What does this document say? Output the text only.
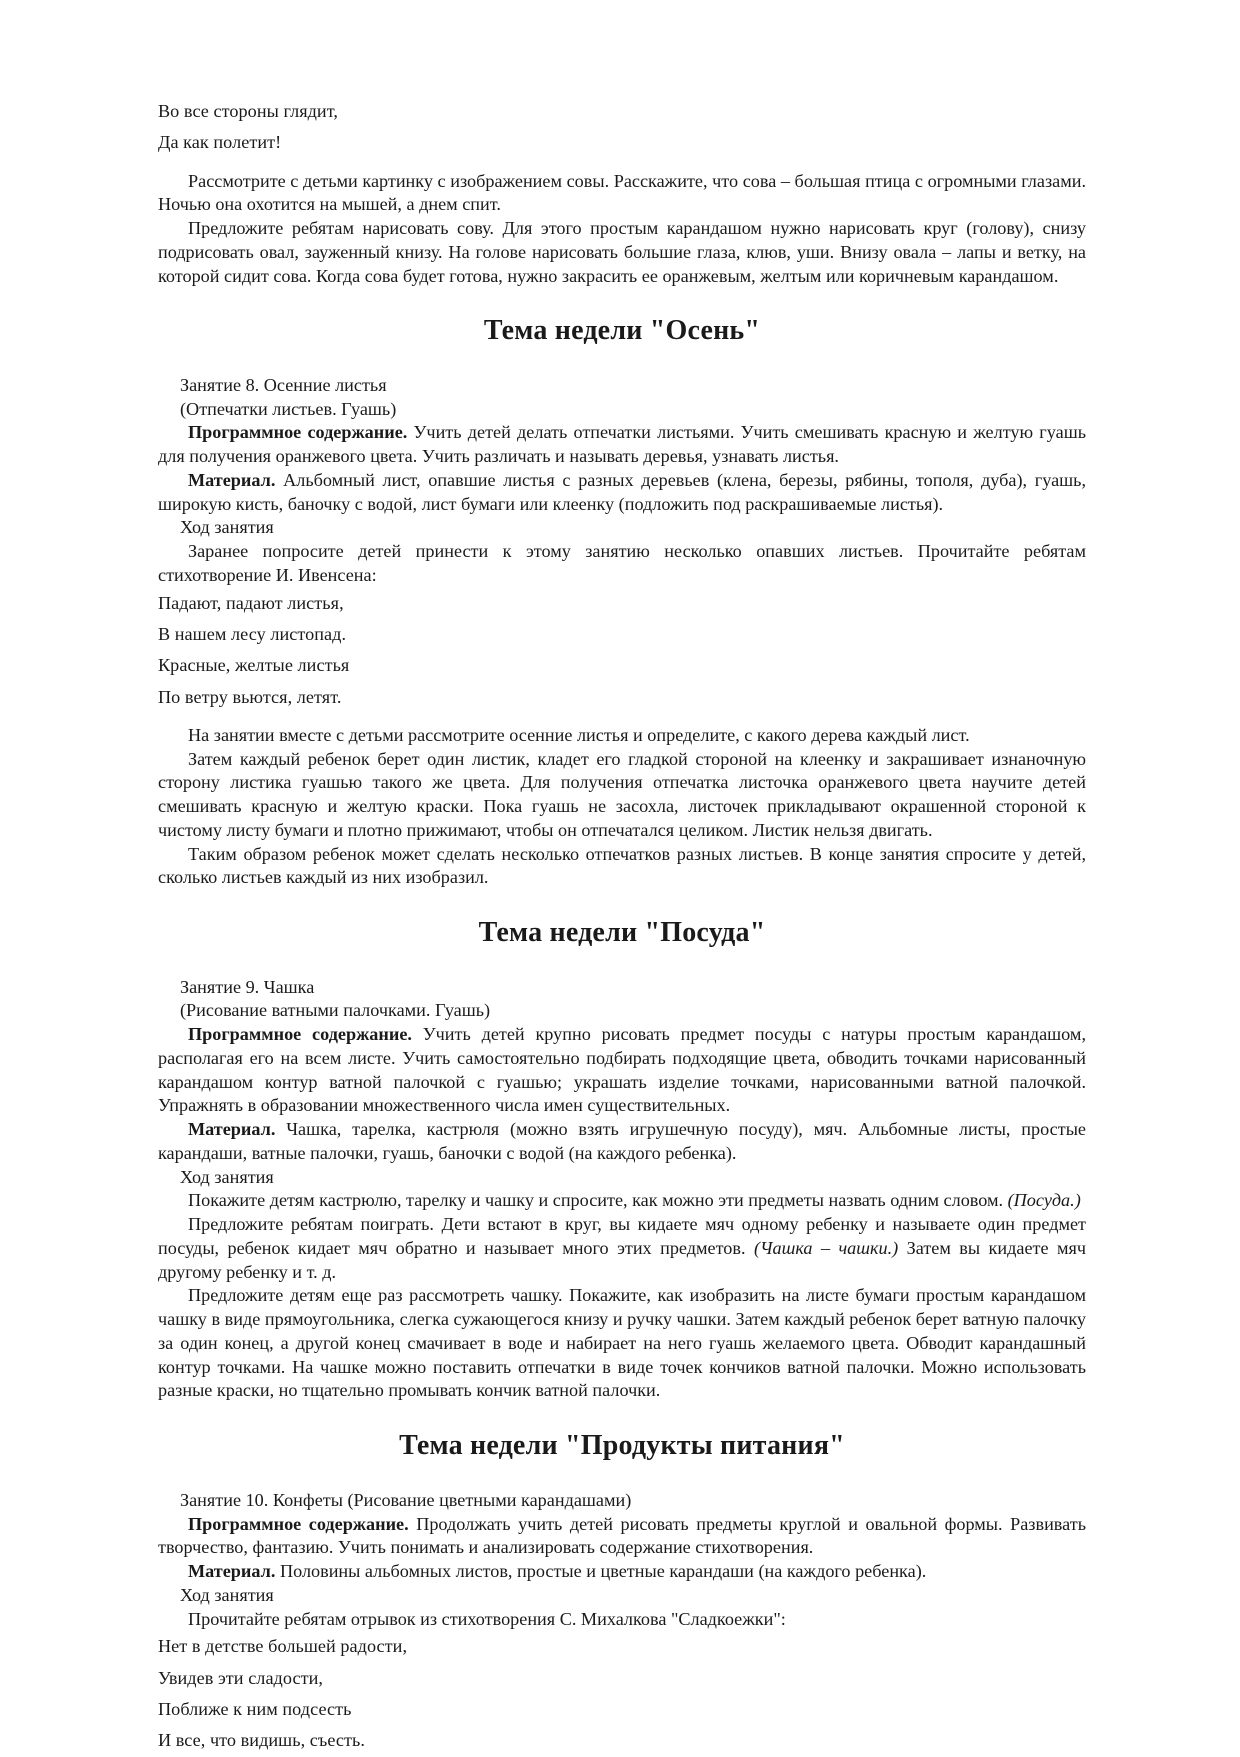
Во все стороны глядит,

Да как полетит!

Рассмотрите с детьми картинку с изображением совы. Расскажите, что сова – большая птица с огромными глазами. Ночью она охотится на мышей, а днем спит.

Предложите ребятам нарисовать сову. Для этого простым карандашом нужно нарисовать круг (голову), снизу подрисовать овал, зауженный книзу. На голове нарисовать большие глаза, клюв, уши. Внизу овала – лапы и ветку, на которой сидит сова. Когда сова будет готова, нужно закрасить ее оранжевым, желтым или коричневым карандашом.

Тема недели "Осень"

Занятие 8. Осенние листья

(Отпечатки листьев. Гуашь)

Программное содержание. Учить детей делать отпечатки листьями. Учить смешивать красную и желтую гуашь для получения оранжевого цвета. Учить различать и называть деревья, узнавать листья.

Материал. Альбомный лист, опавшие листья с разных деревьев (клена, березы, рябины, тополя, дуба), гуашь, широкую кисть, баночку с водой, лист бумаги или клеенку (подложить под раскрашиваемые листья).

Ход занятия

Заранее попросите детей принести к этому занятию несколько опавших листьев. Прочитайте ребятам стихотворение И. Ивенсена:

Падают, падают листья,

В нашем лесу листопад.

Красные, желтые листья

По ветру вьются, летят.

На занятии вместе с детьми рассмотрите осенние листья и определите, с какого дерева каждый лист.

Затем каждый ребенок берет один листик, кладет его гладкой стороной на клеенку и закрашивает изнаночную сторону листика гуашью такого же цвета. Для получения отпечатка листочка оранжевого цвета научите детей смешивать красную и желтую краски. Пока гуашь не засохла, листочек прикладывают окрашенной стороной к чистому листу бумаги и плотно прижимают, чтобы он отпечатался целиком. Листик нельзя двигать.

Таким образом ребенок может сделать несколько отпечатков разных листьев. В конце занятия спросите у детей, сколько листьев каждый из них изобразил.

Тема недели "Посуда"

Занятие 9. Чашка

(Рисование ватными палочками. Гуашь)

Программное содержание. Учить детей крупно рисовать предмет посуды с натуры простым карандашом, располагая его на всем листе. Учить самостоятельно подбирать подходящие цвета, обводить точками нарисованный карандашом контур ватной палочкой с гуашью; украшать изделие точками, нарисованными ватной палочкой. Упражнять в образовании множественного числа имен существительных.

Материал. Чашка, тарелка, кастрюля (можно взять игрушечную посуду), мяч. Альбомные листы, простые карандаши, ватные палочки, гуашь, баночки с водой (на каждого ребенка).

Ход занятия

Покажите детям кастрюлю, тарелку и чашку и спросите, как можно эти предметы назвать одним словом. (Посуда.)

Предложите ребятам поиграть. Дети встают в круг, вы кидаете мяч одному ребенку и называете один предмет посуды, ребенок кидает мяч обратно и называет много этих предметов. (Чашка – чашки.) Затем вы кидаете мяч другому ребенку и т. д.

Предложите детям еще раз рассмотреть чашку. Покажите, как изобразить на листе бумаги простым карандашом чашку в виде прямоугольника, слегка сужающегося книзу и ручку чашки. Затем каждый ребенок берет ватную палочку за один конец, а другой конец смачивает в воде и набирает на него гуашь желаемого цвета. Обводит карандашный контур точками. На чашке можно поставить отпечатки в виде точек кончиков ватной палочки. Можно использовать разные краски, но тщательно промывать кончик ватной палочки.

Тема недели "Продукты питания"

Занятие 10. Конфеты (Рисование цветными карандашами)

Программное содержание. Продолжать учить детей рисовать предметы круглой и овальной формы. Развивать творчество, фантазию. Учить понимать и анализировать содержание стихотворения.

Материал. Половины альбомных листов, простые и цветные карандаши (на каждого ребенка).

Ход занятия

Прочитайте ребятам отрывок из стихотворения С. Михалкова "Сладкоежки":

Нет в детстве большей радости,

Увидев эти сладости,

Поближе к ним подсесть

И все, что видишь, съесть.
